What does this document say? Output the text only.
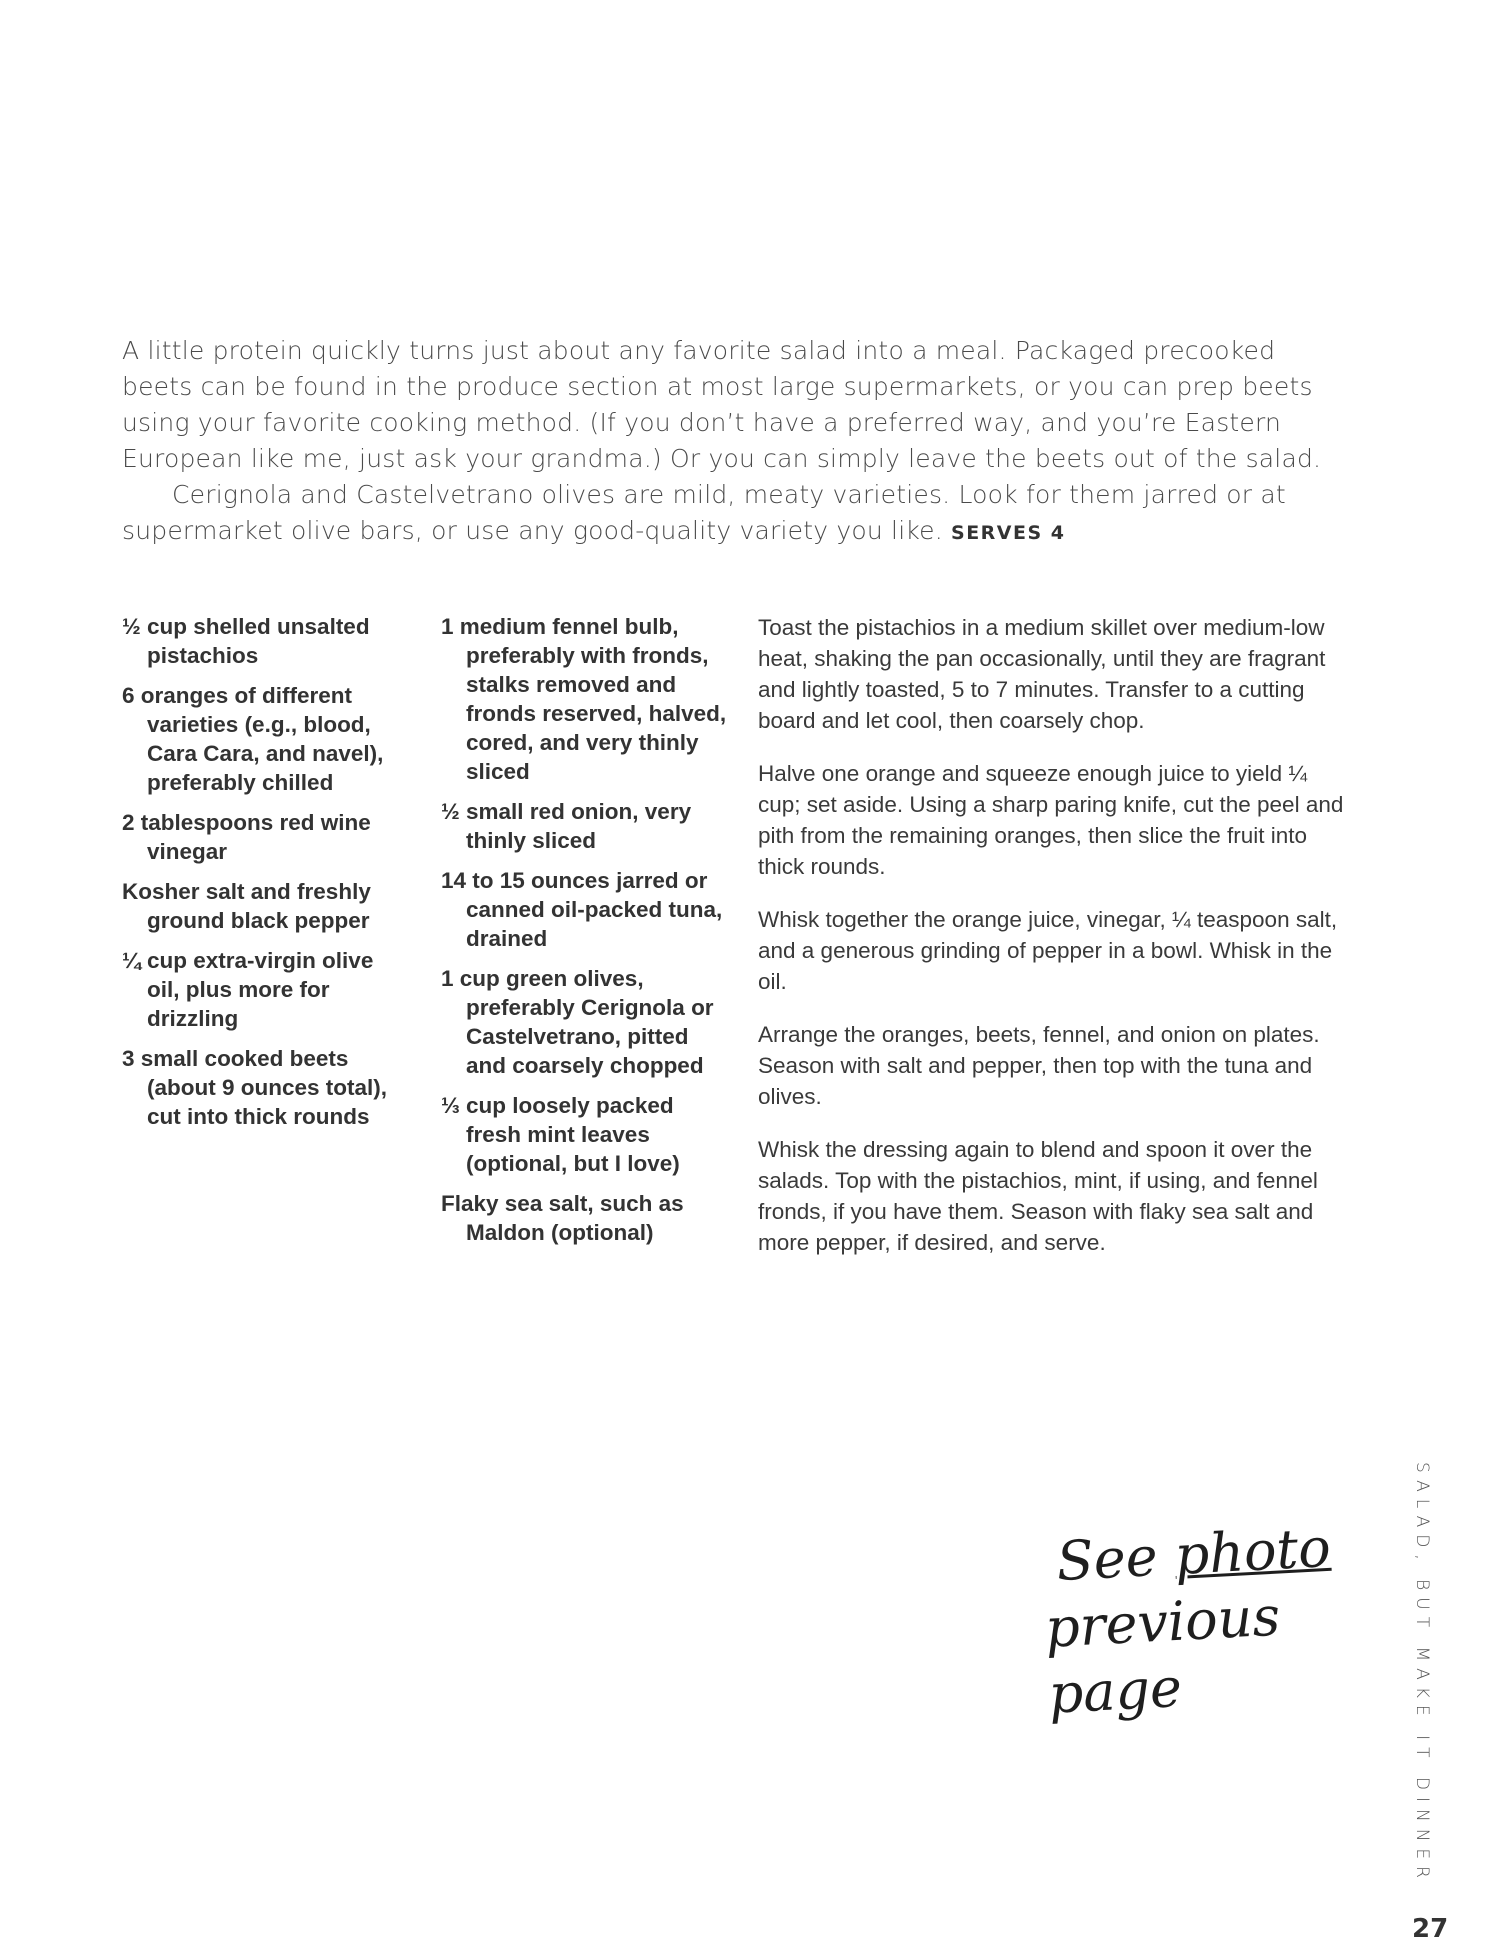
A little protein quickly turns just about any favorite salad into a meal. Packaged precooked beets can be found in the produce section at most large supermarkets, or you can prep beets using your favorite cooking method. (If you don’t have a preferred way, and you’re Eastern European like me, just ask your grandma.) Or you can simply leave the beets out of the salad.

Cerignola and Castelvetrano olives are mild, meaty varieties. Look for them jarred or at supermarket olive bars, or use any good-quality variety you like. SERVES 4

½ cup shelled unsalted pistachios
6 oranges of different varieties (e.g., blood, Cara Cara, and navel), preferably chilled
2 tablespoons red wine vinegar
Kosher salt and freshly ground black pepper
¼ cup extra-virgin olive oil, plus more for drizzling
3 small cooked beets (about 9 ounces total), cut into thick rounds
1 medium fennel bulb, preferably with fronds, stalks removed and fronds reserved, halved, cored, and very thinly sliced
½ small red onion, very thinly sliced
14 to 15 ounces jarred or canned oil-packed tuna, drained
1 cup green olives, preferably Cerignola or Castelvetrano, pitted and coarsely chopped
⅓ cup loosely packed fresh mint leaves (optional, but I love)
Flaky sea salt, such as Maldon (optional)

Toast the pistachios in a medium skillet over medium-low heat, shaking the pan occasionally, until they are fragrant and lightly toasted, 5 to 7 minutes. Transfer to a cutting board and let cool, then coarsely chop.

Halve one orange and squeeze enough juice to yield ¼ cup; set aside. Using a sharp paring knife, cut the peel and pith from the remaining oranges, then slice the fruit into thick rounds.

Whisk together the orange juice, vinegar, ¼ teaspoon salt, and a generous grinding of pepper in a bowl. Whisk in the oil.

Arrange the oranges, beets, fennel, and onion on plates. Season with salt and pepper, then top with the tuna and olives.

Whisk the dressing again to blend and spoon it over the salads. Top with the pistachios, mint, if using, and fennel fronds, if you have them. Season with flaky sea salt and more pepper, if desired, and serve.

See photo
previous page	SALAD, BUT MAKE IT DINNER
27
